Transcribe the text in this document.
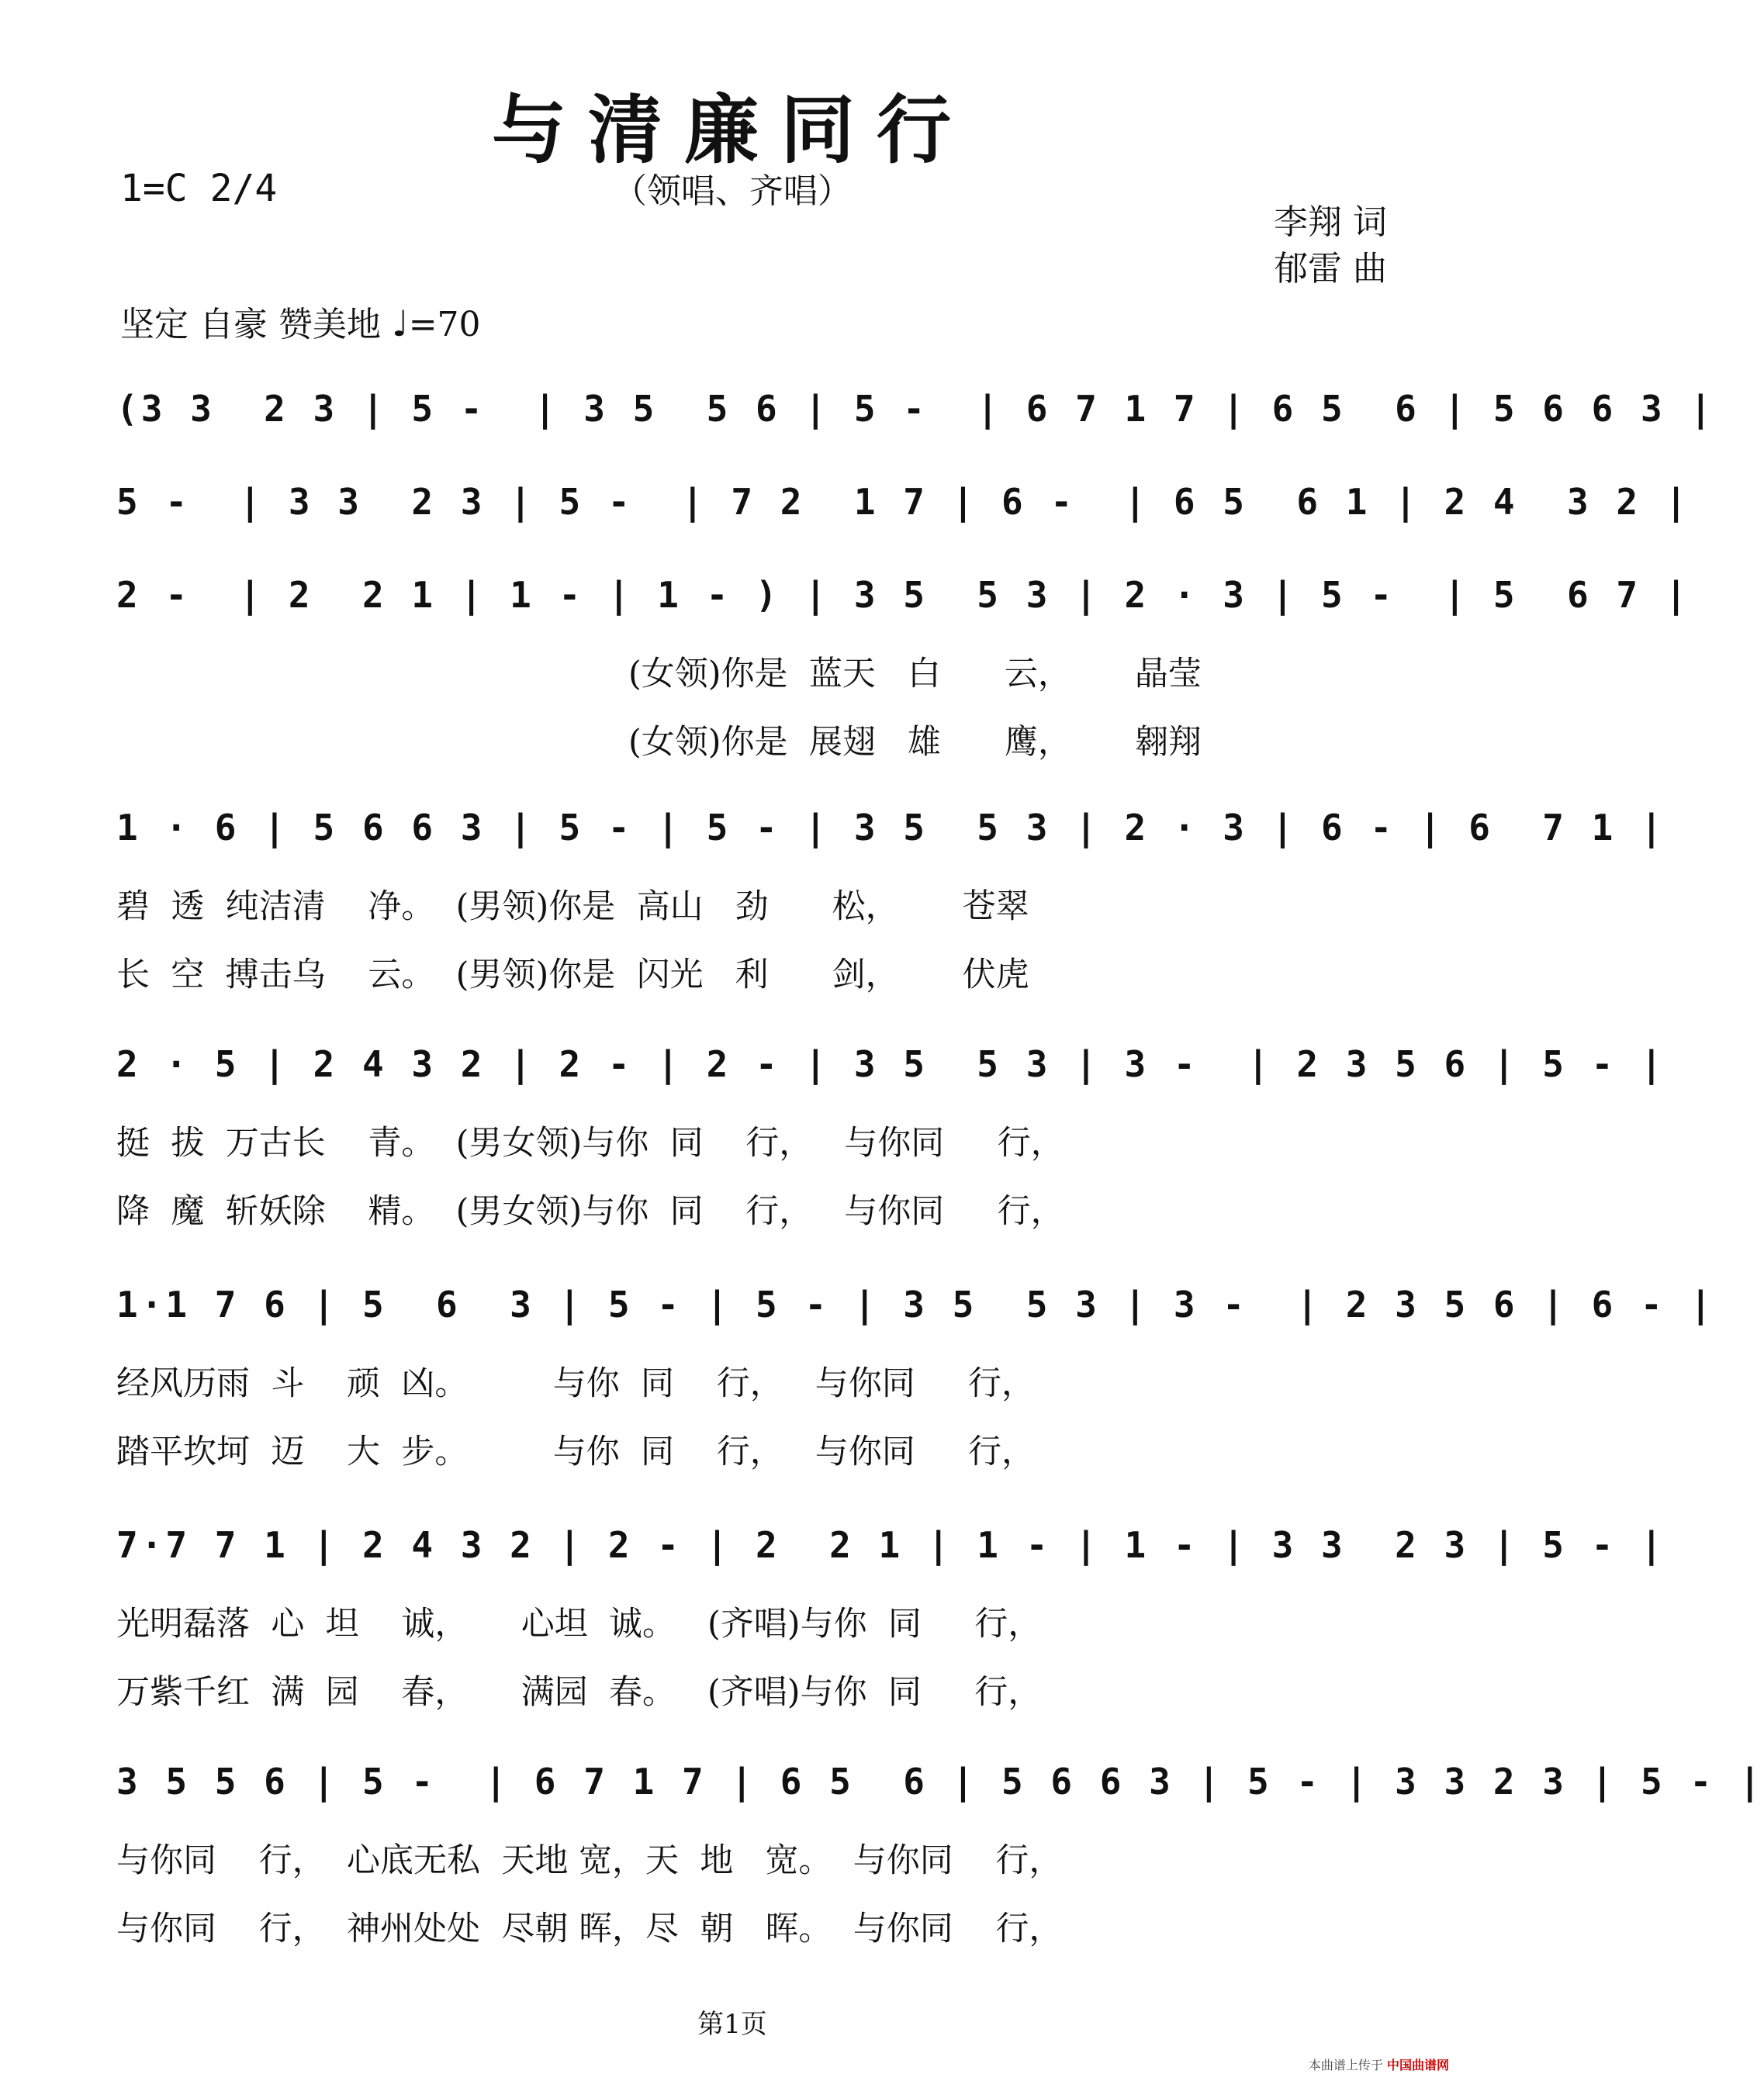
与清廉同行
1=C 2/4	（领唱、齐唱）
李翔 词
郁雷 曲
坚定 自豪 赞美地 ♩=70
(3 3  2 3 | 5 -  | 3 5  5 6 | 5 -  | 6 7 1 7 | 6 5  6 | 5 6 6 3 |
5 -  | 3 3  2 3 | 5 -  | 7 2  1 7 | 6 -  | 6 5  6 1 | 2 4  3 2 |
2 -  | 2  2 1 | 1 - | 1 - ) | 3 5  5 3 | 2 · 3 | 5 -  | 5  6 7 |
(女领)你是  蓝天   白      云，      晶莹
(女领)你是  展翅   雄      鹰，      翱翔
1 · 6 | 5 6 6 3 | 5 - | 5 - | 3 5  5 3 | 2 · 3 | 6 - | 6  7 1 |
碧  透  纯洁清    净。  (男领)你是  高山   劲      松，      苍翠
长  空  搏击乌    云。  (男领)你是  闪光   利      剑，      伏虎
2 · 5 | 2 4 3 2 | 2 - | 2 - | 3 5  5 3 | 3 -  | 2 3 5 6 | 5 - |
挺  拔  万古长    青。  (男女领)与你  同    行，   与你同     行，
降  魔  斩妖除    精。  (男女领)与你  同    行，   与你同     行，
1·1 7 6 | 5  6  3 | 5 - | 5 - | 3 5  5 3 | 3 -  | 2 3 5 6 | 6 - |
经风历雨  斗    顽  凶。        与你  同    行，   与你同     行，
踏平坎坷  迈    大  步。        与你  同    行，   与你同     行，
7·7 7 1 | 2 4 3 2 | 2 - | 2  2 1 | 1 - | 1 - | 3 3  2 3 | 5 - |
光明磊落  心  坦    诚，     心坦  诚。   (齐唱)与你  同     行，
万紫千红  满  园    春，     满园  春。   (齐唱)与你  同     行，
3 5 5 6 | 5 -  | 6 7 1 7 | 6 5  6 | 5 6 6 3 | 5 - | 3 3 2 3 | 5 - |
与你同    行，  心底无私  天地 宽，天  地   宽。  与你同    行，
与你同    行，  神州处处  尽朝 晖，尽  朝   晖。  与你同    行，
第1页
本曲谱上传于 中国曲谱网
